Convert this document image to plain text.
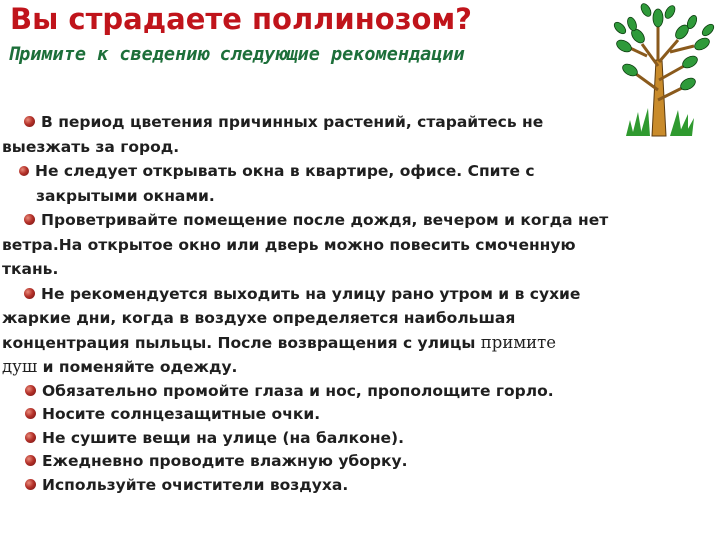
Вы страдаете поллинозом?
Примите к сведению следующие рекомендации
В период цветения причинных растений, старайтесь не
выезжать за город.
Не следует открывать окна в квартире, офисе. Спите с
закрытыми окнами.
Проветривайте помещение после дождя, вечером и когда нет
ветра.На открытое окно или дверь можно повесить смоченную
ткань.
Не рекомендуется выходить на улицу рано утром и в сухие
жаркие дни, когда в воздухе определяется наибольшая
концентрация пыльцы. После возвращения с улицы примите
душ и поменяйте одежду.
Обязательно промойте глаза и нос, прополощите горло.
Носите солнцезащитные очки.
Не сушите вещи на улице (на балконе).
Ежедневно проводите влажную уборку.
Используйте очистители воздуха.
